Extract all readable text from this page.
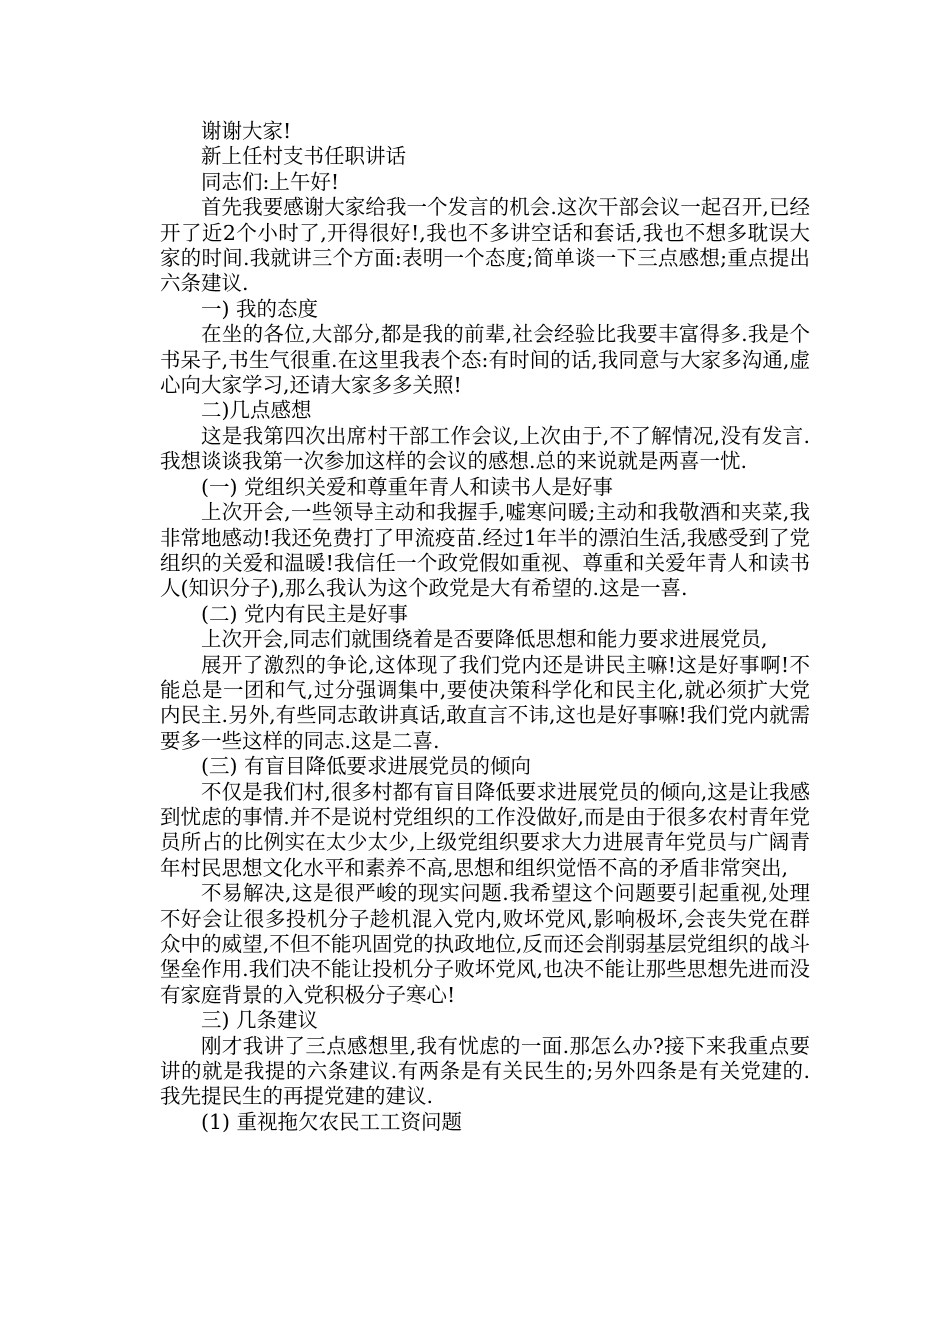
谢谢大家!

新上任村支书任职讲话

同志们:上午好!

首先我要感谢大家给我一个发言的机会.这次干部会议一起召开,已经开了近2个小时了,开得很好!,我也不多讲空话和套话,我也不想多耽误大家的时间.我就讲三个方面:表明一个态度;简单谈一下三点感想;重点提出六条建议.

一) 我的态度

在坐的各位,大部分,都是我的前辈,社会经验比我要丰富得多.我是个书呆子,书生气很重.在这里我表个态:有时间的话,我同意与大家多沟通,虚心向大家学习,还请大家多多关照!

二)几点感想

这是我第四次出席村干部工作会议,上次由于,不了解情况,没有发言.我想谈谈我第一次参加这样的会议的感想.总的来说就是两喜一忧.

(一) 党组织关爱和尊重年青人和读书人是好事

上次开会,一些领导主动和我握手,嘘寒问暖;主动和我敬酒和夹菜,我非常地感动!我还免费打了甲流疫苗.经过1年半的漂泊生活,我感受到了党组织的关爱和温暖!我信任一个政党假如重视、尊重和关爱年青人和读书人(知识分子),那么我认为这个政党是大有希望的.这是一喜.

(二) 党内有民主是好事

上次开会,同志们就围绕着是否要降低思想和能力要求进展党员,

展开了激烈的争论,这体现了我们党内还是讲民主嘛!这是好事啊!不能总是一团和气,过分强调集中,要使决策科学化和民主化,就必须扩大党内民主.另外,有些同志敢讲真话,敢直言不讳,这也是好事嘛!我们党内就需要多一些这样的同志.这是二喜.

(三) 有盲目降低要求进展党员的倾向

不仅是我们村,很多村都有盲目降低要求进展党员的倾向,这是让我感到忧虑的事情.并不是说村党组织的工作没做好,而是由于很多农村青年党员所占的比例实在太少太少,上级党组织要求大力进展青年党员与广阔青年村民思想文化水平和素养不高,思想和组织觉悟不高的矛盾非常突出,

不易解决,这是很严峻的现实问题.我希望这个问题要引起重视,处理不好会让很多投机分子趁机混入党内,败坏党风,影响极坏,会丧失党在群众中的威望,不但不能巩固党的执政地位,反而还会削弱基层党组织的战斗堡垒作用.我们决不能让投机分子败坏党风,也决不能让那些思想先进而没有家庭背景的入党积极分子寒心!

三) 几条建议

刚才我讲了三点感想里,我有忧虑的一面.那怎么办?接下来我重点要讲的就是我提的六条建议.有两条是有关民生的;另外四条是有关党建的.我先提民生的再提党建的建议.

(1) 重视拖欠农民工工资问题
